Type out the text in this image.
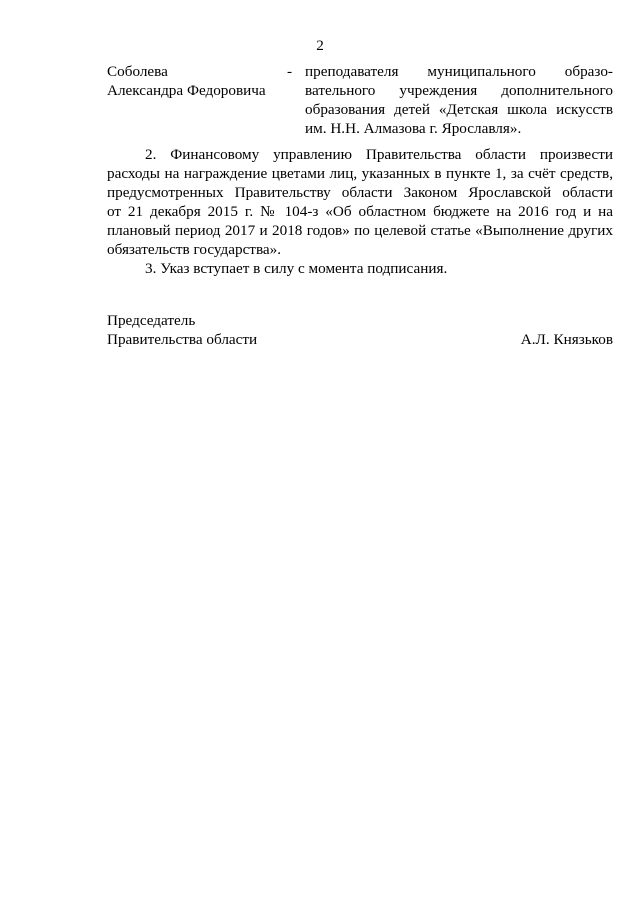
2
Соболева
Александра Федоровича
- преподавателя муниципального образо-
вательного учреждения дополнительного
образования детей «Детская школа искусств
им. Н.Н. Алмазова г. Ярославля».
2. Финансовому управлению Правительства области произвести
расходы на награждение цветами лиц, указанных в пункте 1, за счёт средств,
предусмотренных Правительству области Законом Ярославской области
от 21 декабря 2015 г. № 104-з «Об областном бюджете на 2016 год и на
плановый период 2017 и 2018 годов» по целевой статье «Выполнение других
обязательств государства».
3. Указ вступает в силу с момента подписания.
Председатель
Правительства области	А.Л. Князьков
